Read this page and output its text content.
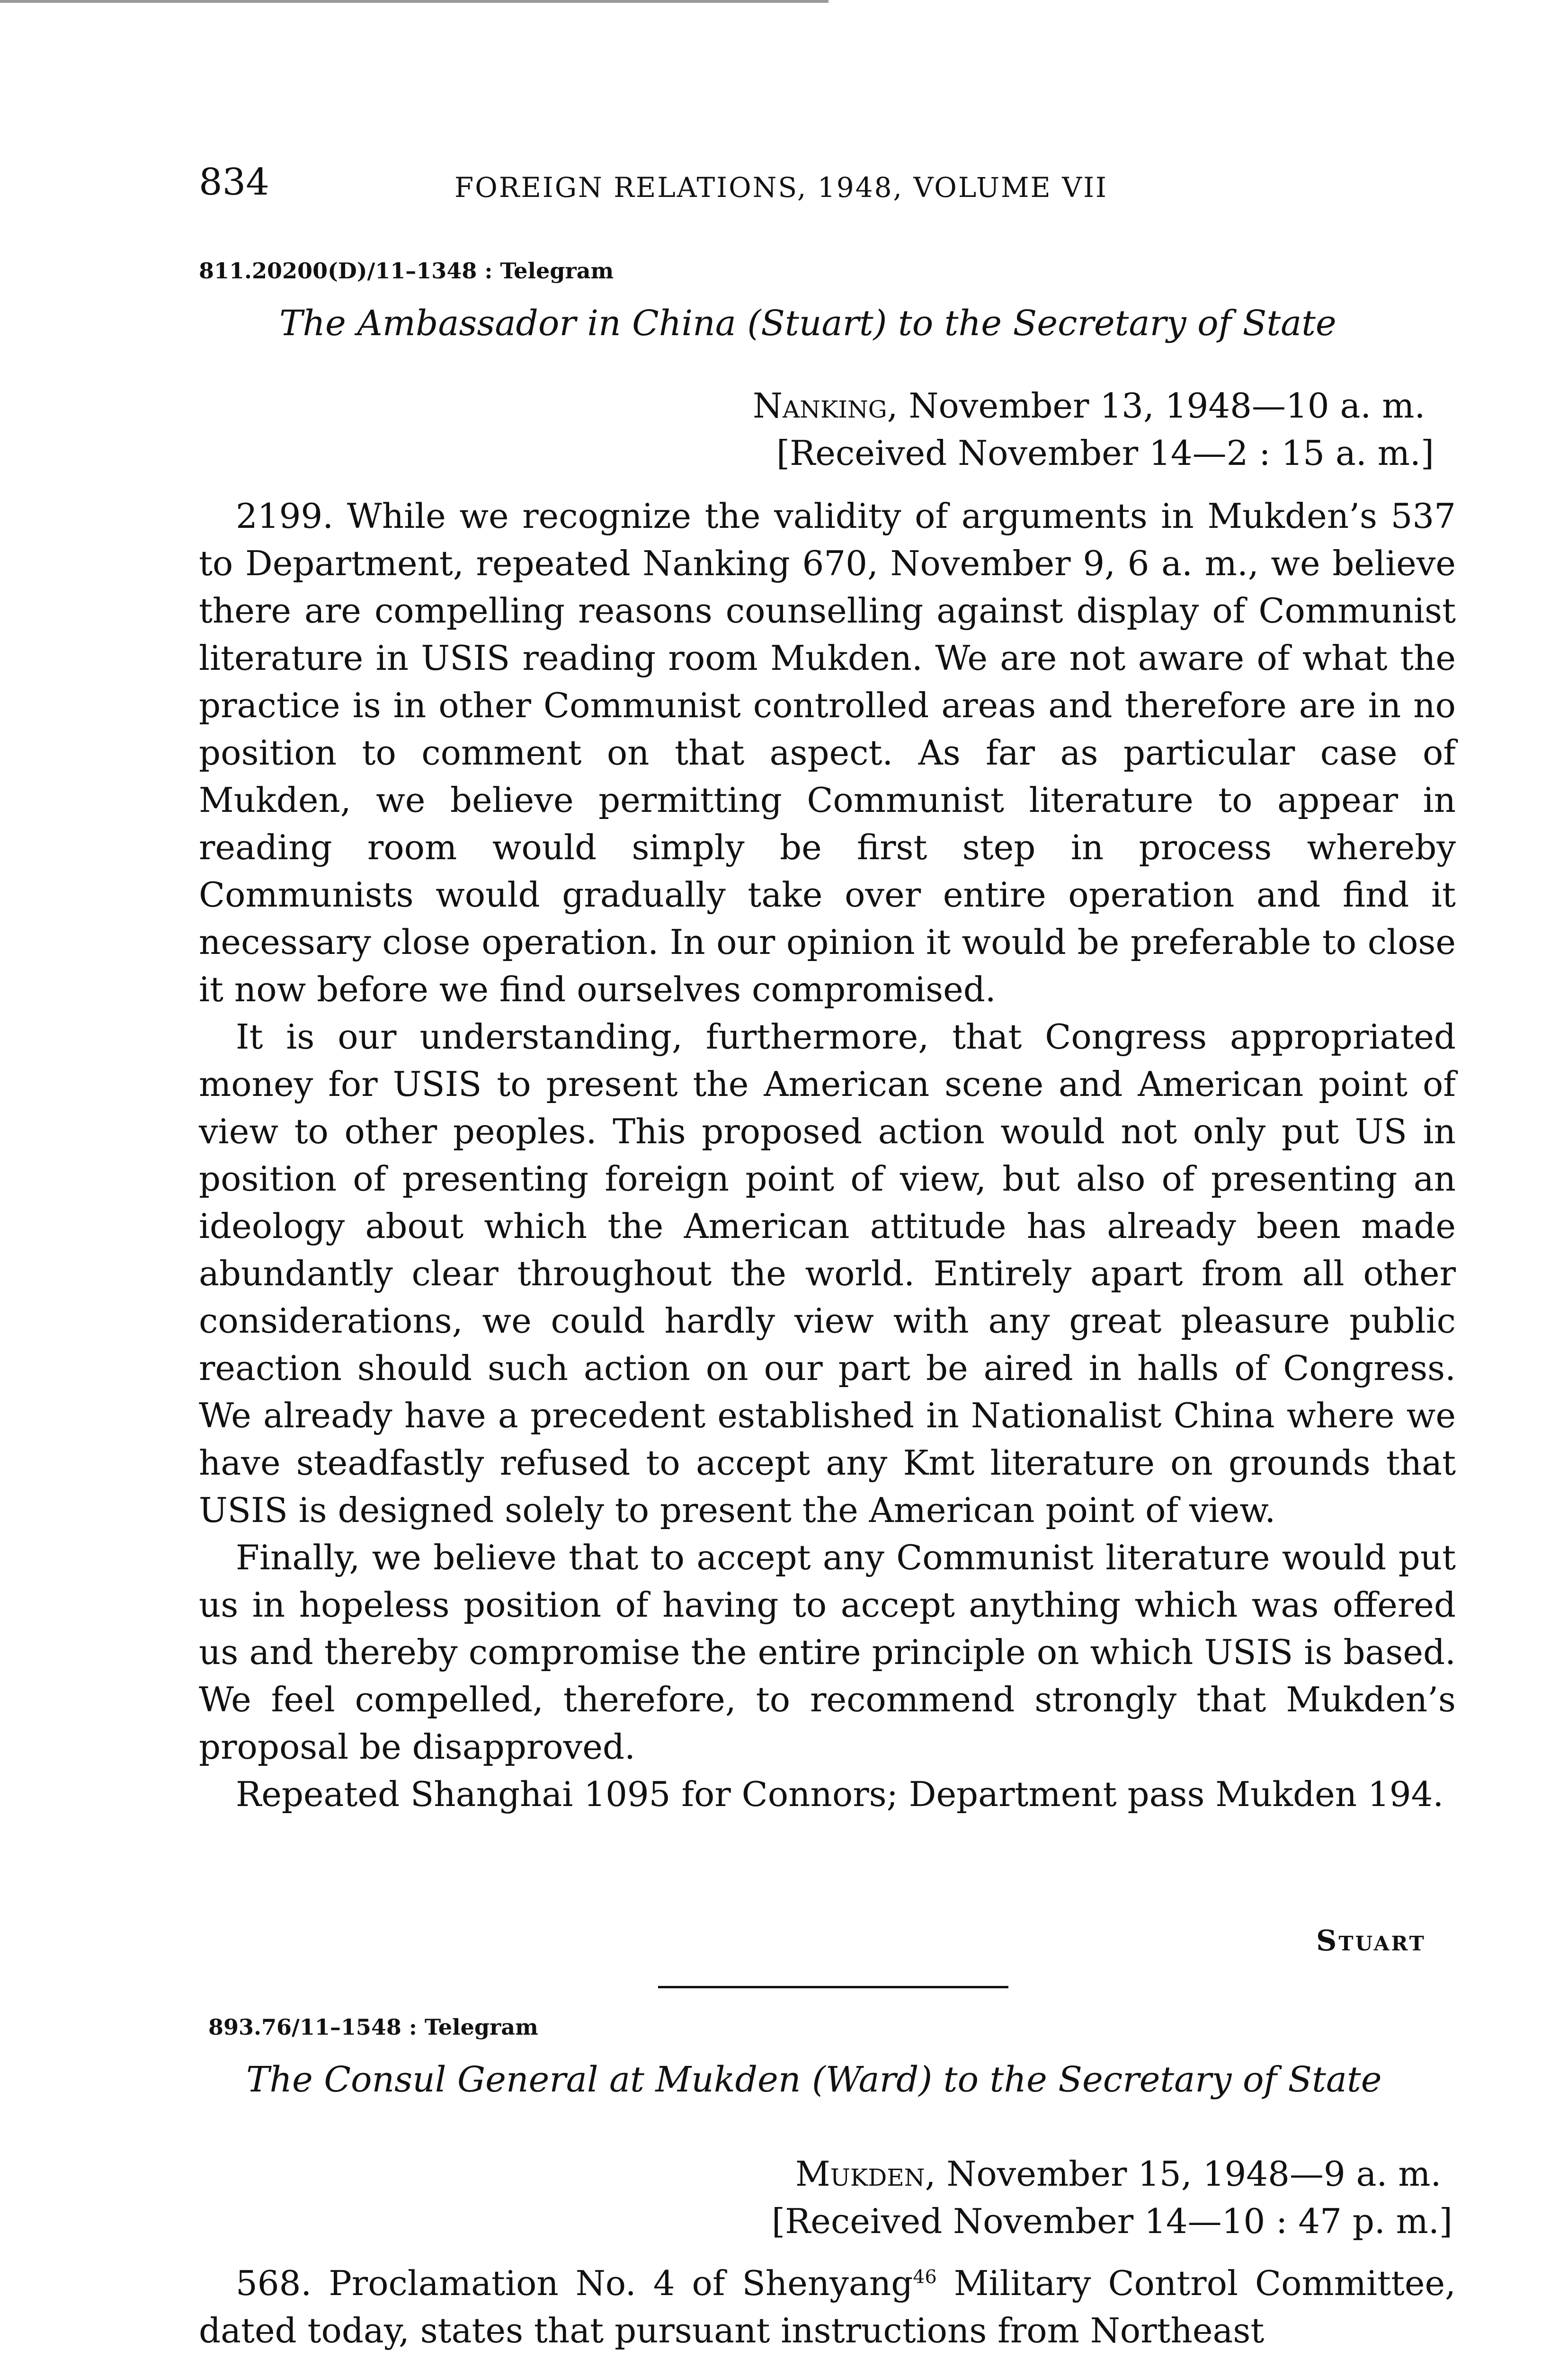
834	FOREIGN RELATIONS, 1948, VOLUME VII
811.20200(D)/11–1348 : Telegram
The Ambassador in China (Stuart) to the Secretary of State
Nanking, November 13, 1948—10 a. m.
[Received November 14—2 : 15 a. m.]

2199. While we recognize the validity of arguments in Mukden’s 537 to Department, repeated Nanking 670, November 9, 6 a. m., we believe there are compelling reasons counselling against display of Communist literature in USIS reading room Mukden. We are not aware of what the practice is in other Communist controlled areas and therefore are in no position to comment on that aspect. As far as particular case of Mukden, we believe permitting Communist literature to appear in reading room would simply be first step in process whereby Communists would gradually take over entire operation and find it necessary close operation. In our opinion it would be preferable to close it now before we find ourselves compromised.

It is our understanding, furthermore, that Congress appropriated money for USIS to present the American scene and American point of view to other peoples. This proposed action would not only put US in position of presenting foreign point of view, but also of presenting an ideology about which the American attitude has already been made abundantly clear throughout the world. Entirely apart from all other considerations, we could hardly view with any great pleasure public reaction should such action on our part be aired in halls of Congress. We already have a precedent established in Nationalist China where we have steadfastly refused to accept any Kmt literature on grounds that USIS is designed solely to present the American point of view.

Finally, we believe that to accept any Communist literature would put us in hopeless position of having to accept anything which was offered us and thereby compromise the entire principle on which USIS is based. We feel compelled, therefore, to recommend strongly that Mukden’s proposal be disapproved.

Repeated Shanghai 1095 for Connors; Department pass Mukden 194.

Stuart
893.76/11–1548 : Telegram
The Consul General at Mukden (Ward) to the Secretary of State
Mukden, November 15, 1948—9 a. m.
[Received November 14—10 : 47 p. m.]

568. Proclamation No. 4 of Shenyang$^{46}$ Military Control Committee, dated today, states that pursuant instructions from Northeast
